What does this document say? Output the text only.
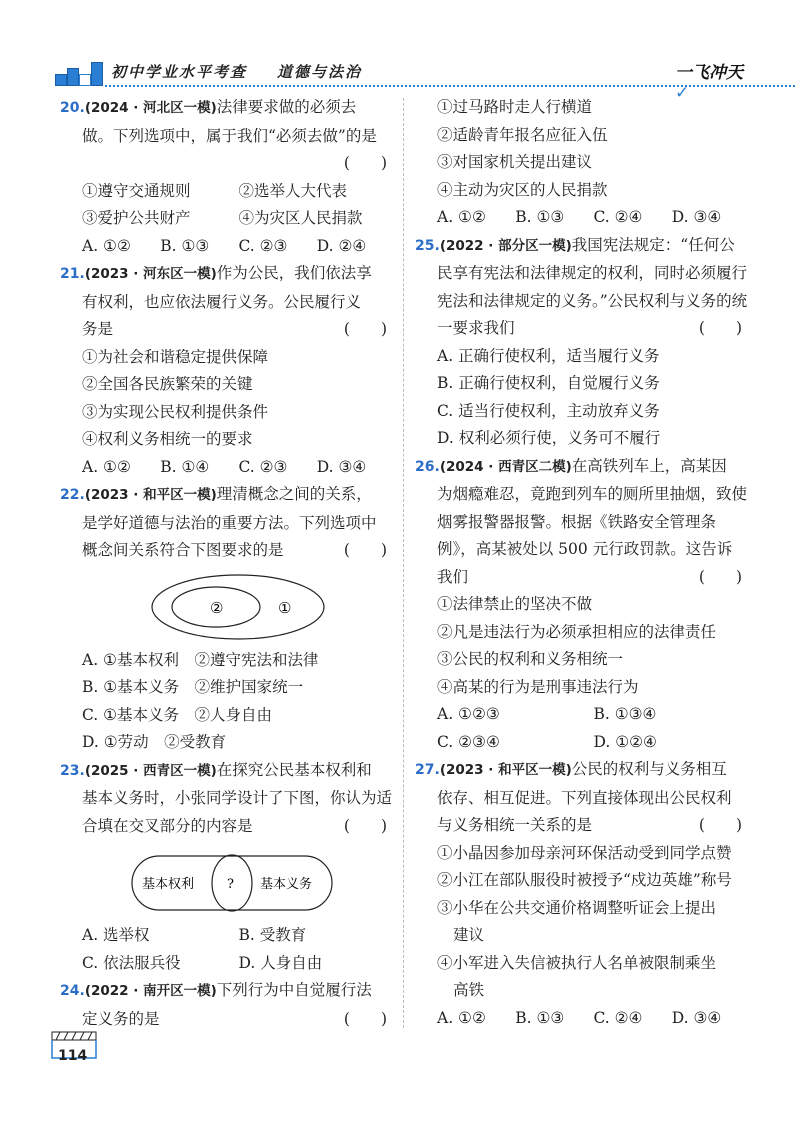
初中学业水平考查 道德与法治	一飞冲天✓
20.(2024 · 河北区一模)法律要求做的必须去
做。下列选项中，属于我们“必须去做”的是
(　　)

①遵守交通规则	②选举人大代表
③爱护公共财产	④为灾区人民捐款
A. ①②	B. ①③	C. ②③	D. ②④
21.(2023 · 河东区一模)作为公民，我们依法享
有权利，也应依法履行义务。公民履行义
务是	(　　)
①为社会和谐稳定提供保障
②全国各民族繁荣的关键
③为实现公民权利提供条件
④权利义务相统一的要求
A. ①②	B. ①④	C. ②③	D. ③④
22.(2023 · 和平区一模)理清概念之间的关系，
是学好道德与法治的重要方法。下列选项中
概念间关系符合下图要求的是	(　　)
②	①
A. ①基本权利　②遵守宪法和法律
B. ①基本义务　②维护国家统一
C. ①基本义务　②人身自由
D. ①劳动　②受教育
23.(2025 · 西青区一模)在探究公民基本权利和
基本义务时，小张同学设计了下图，你认为适
合填在交叉部分的内容是	(　　)
基本权利	? 基本义务
A. 选举权	B. 受教育
C. 依法服兵役	D. 人身自由
24.(2022 · 南开区一模)下列行为中自觉履行法
定义务的是	(　　)
①过马路时走人行横道
②适龄青年报名应征入伍
③对国家机关提出建议
④主动为灾区的人民捐款
A. ①②	B. ①③	C. ②④	D. ③④
25.(2022 · 部分区一模)我国宪法规定：“任何公
民享有宪法和法律规定的权利，同时必须履行
宪法和法律规定的义务。”公民权利与义务的统
一要求我们	(　　)
A. 正确行使权利，适当履行义务
B. 正确行使权利，自觉履行义务
C. 适当行使权利，主动放弃义务
D. 权利必须行使，义务可不履行
26.(2024 · 西青区二模)在高铁列车上，高某因
为烟瘾难忍，竟跑到列车的厕所里抽烟，致使
烟雾报警器报警。根据《铁路安全管理条
例》，高某被处以 500 元行政罚款。这告诉
我们	(　　)
①法律禁止的坚决不做
②凡是违法行为必须承担相应的法律责任
③公民的权利和义务相统一
④高某的行为是刑事违法行为
A. ①②③	B. ①③④
C. ②③④	D. ①②④
27.(2023 · 和平区一模)公民的权利与义务相互
依存、相互促进。下列直接体现出公民权利
与义务相统一关系的是	(　　)
①小晶因参加母亲河环保活动受到同学点赞
②小江在部队服役时被授予“戍边英雄”称号
③小华在公共交通价格调整听证会上提出
建议
④小军进入失信被执行人名单被限制乘坐
高铁
A. ①②	B. ①③	C. ②④	D. ③④
114
